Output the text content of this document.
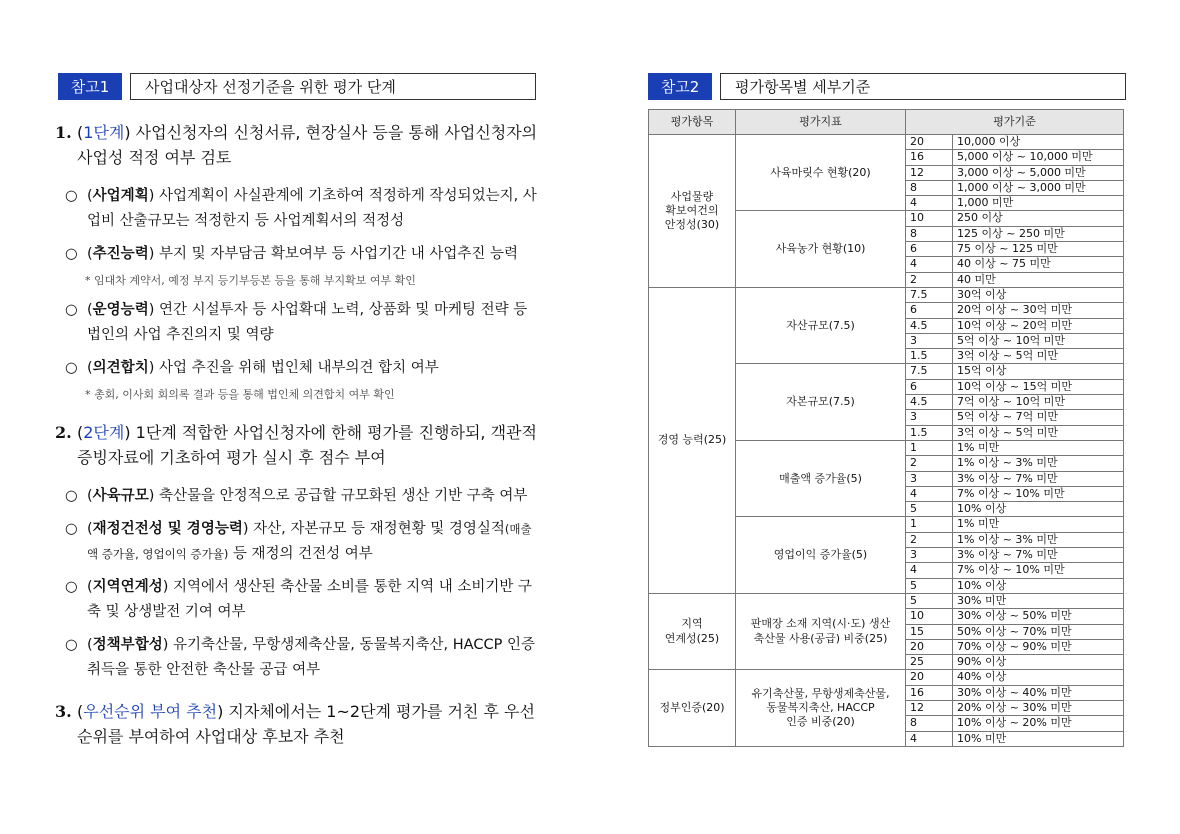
참고1	사업대상자 선정기준을 위한 평가 단계	참고2	평가항목별 세부기준
1. (1단계) 사업신청자의 신청서류, 현장실사 등을 통해 사업신청자의 사업성 적정 여부 검토
○ (사업계획) 사업계획이 사실관계에 기초하여 적정하게 작성되었는지, 사업비 산출규모는 적정한지 등 사업계획서의 적정성
○ (추진능력) 부지 및 자부담금 확보여부 등 사업기간 내 사업추진 능력
* 임대차 계약서, 예정 부지 등기부등본 등을 통해 부지확보 여부 확인
○ (운영능력) 연간 시설투자 등 사업확대 노력, 상품화 및 마케팅 전략 등 법인의 사업 추진의지 및 역량
○ (의견합치) 사업 추진을 위해 법인체 내부의견 합치 여부
* 총회, 이사회 회의록 결과 등을 통해 법인체 의견합치 여부 확인
2. (2단계) 1단계 적합한 사업신청자에 한해 평가를 진행하되, 객관적 증빙자료에 기초하여 평가 실시 후 점수 부여
○ (사육규모) 축산물을 안정적으로 공급할 규모화된 생산 기반 구축 여부
○ (재정건전성 및 경영능력) 자산, 자본규모 등 재정현황 및 경영실적(매출액 증가율, 영업이익 증가율) 등 재정의 건전성 여부
○ (지역연계성) 지역에서 생산된 축산물 소비를 통한 지역 내 소비기반 구축 및 상생발전 기여 여부
○ (정책부합성) 유기축산물, 무항생제축산물, 동물복지축산, HACCP 인증 취득을 통한 안전한 축산물 공급 여부
3. (우선순위 부여 추천) 지자체에서는 1~2단계 평가를 거친 후 우선순위를 부여하여 사업대상 후보자 추천
평가항목	평가지표	평가기준	
사업물량
확보여건의
안정성(30)	사육마릿수 현황(20)	20	10,000 이상
		16	5,000 이상 ~ 10,000 미만
		12	3,000 이상 ~ 5,000 미만
		8	1,000 이상 ~ 3,000 미만
		4	1,000 미만
	사육농가 현황(10)	10	250 이상
		8	125 이상 ~ 250 미만
		6	75 이상 ~ 125 미만
		4	40 이상 ~ 75 미만
		2	40 미만
경영 능력(25)	자산규모(7.5)	7.5	30억 이상
		6	20억 이상 ~ 30억 미만
		4.5	10억 이상 ~ 20억 미만
		3	5억 이상 ~ 10억 미만
		1.5	3억 이상 ~ 5억 미만
	자본규모(7.5)	7.5	15억 이상
		6	10억 이상 ~ 15억 미만
		4.5	7억 이상 ~ 10억 미만
		3	5억 이상 ~ 7억 미만
		1.5	3억 이상 ~ 5억 미만
	매출액 증가율(5)	1	1% 미만
		2	1% 이상 ~ 3% 미만
		3	3% 이상 ~ 7% 미만
		4	7% 이상 ~ 10% 미만
		5	10% 이상
	영업이익 증가율(5)	1	1% 미만
		2	1% 이상 ~ 3% 미만
		3	3% 이상 ~ 7% 미만
		4	7% 이상 ~ 10% 미만
		5	10% 이상
지역
연계성(25)	판매장 소재 지역(시·도) 생산
축산물 사용(공급) 비중(25)	5	30% 미만
		10	30% 이상 ~ 50% 미만
		15	50% 이상 ~ 70% 미만
		20	70% 이상 ~ 90% 미만
		25	90% 이상
정부인증(20)	유기축산물, 무항생제축산물,
동물복지축산, HACCP
인증 비중(20)	20	40% 이상
		16	30% 이상 ~ 40% 미만
		12	20% 이상 ~ 30% 미만
		8	10% 이상 ~ 20% 미만
		4	10% 미만
